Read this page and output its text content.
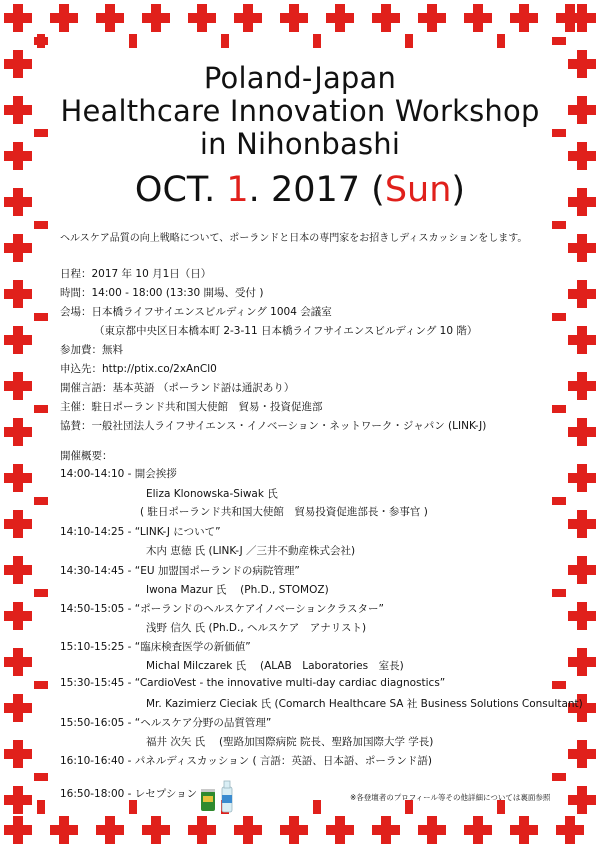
Poland-Japan
Healthcare Innovation Workshop
in Nihonbashi
OCT. 1. 2017 (Sun)
ヘルスケア品質の向上戦略について、ポーランドと日本の専門家をお招きしディスカッションをします。
日程：2017 年 10 月1日（日）
時間：14:00 - 18:00 (13:30 開場、受付 )
会場：日本橋ライフサイエンスビルディング 1004 会議室
（東京都中央区日本橋本町 2-3-11 日本橋ライフサイエンスビルディング 10 階）
参加費：無料
申込先：http://ptix.co/2xAnCl0
開催言語：基本英語 （ポーランド語は通訳あり）
主催：駐日ポーランド共和国大使館　貿易・投資促進部
協賛：一般社団法人ライフサイエンス・イノベーション・ネットワーク・ジャパン (LINK-J)
開催概要：
14:00-14:10 - 開会挨拶
Eliza Klonowska-Siwak 氏
( 駐日ポーランド共和国大使館　貿易投資促進部長・参事官 )
14:10-14:25 - “LINK-J について”
木内 恵徳 氏 (LINK-J ／三井不動産株式会社)
14:30-14:45 - “EU 加盟国ポーランドの病院管理”
Iwona Mazur 氏 　(Ph.D., STOMOZ)
14:50-15:05 - “ポーランドのヘルスケアイノベーションクラスター”
浅野 信久 氏 (Ph.D., ヘルスケア　アナリスト)
15:10-15:25 - “臨床検査医学の新価値”
Michal Milczarek 氏 　(ALAB　Laboratories　室長)
15:30-15:45 - “CardioVest - the innovative multi-day cardiac diagnostics”
Mr. Kazimierz Cieciak 氏 (Comarch Healthcare SA 社 Business Solutions Consultant)
15:50-16:05 - “ヘルスケア分野の品質管理”
福井 次矢 氏 　(聖路加国際病院 院長、聖路加国際大学 学長)
16:10-16:40 - パネルディスカッション ( 言語：英語、日本語、ポーランド語)
16:50-18:00 - レセプション	※各登壇者のプロフィール等その他詳細については裏面参照
